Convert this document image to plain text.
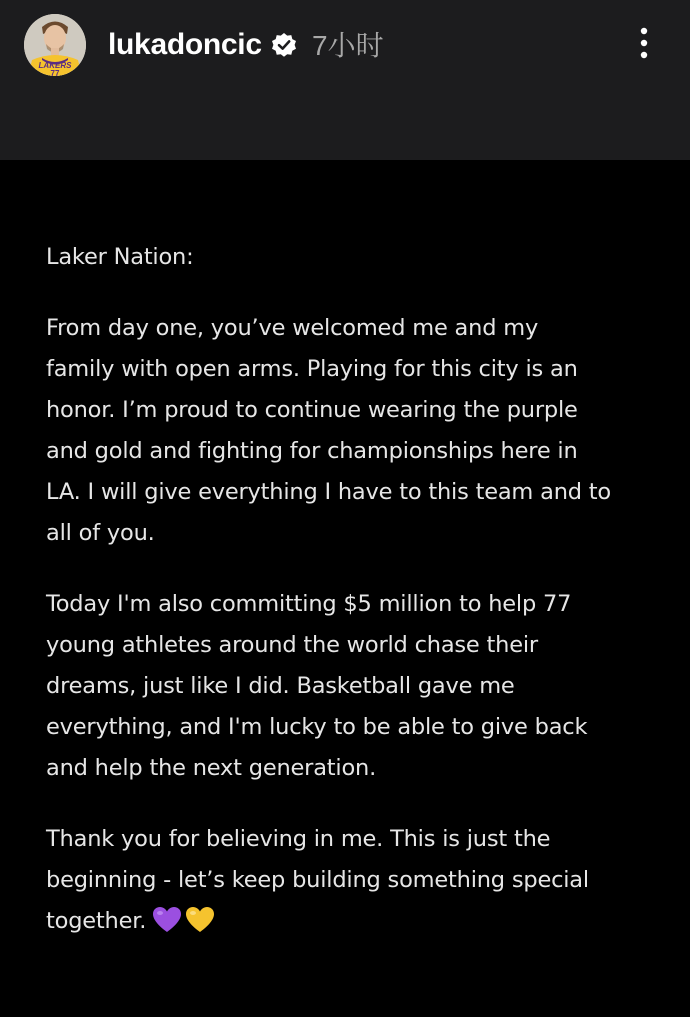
LAKERS
77
lukadoncic 7小时

Laker Nation:

From day one, you’ve welcomed me and my
family with open arms. Playing for this city is an
honor. I’m proud to continue wearing the purple
and gold and fighting for championships here in
LA. I will give everything I have to this team and to
all of you.

Today I'm also committing $5 million to help 77
young athletes around the world chase their
dreams, just like I did. Basketball gave me
everything, and I'm lucky to be able to give back
and help the next generation.

Thank you for believing in me. This is just the
beginning - let’s keep building something special
together.
